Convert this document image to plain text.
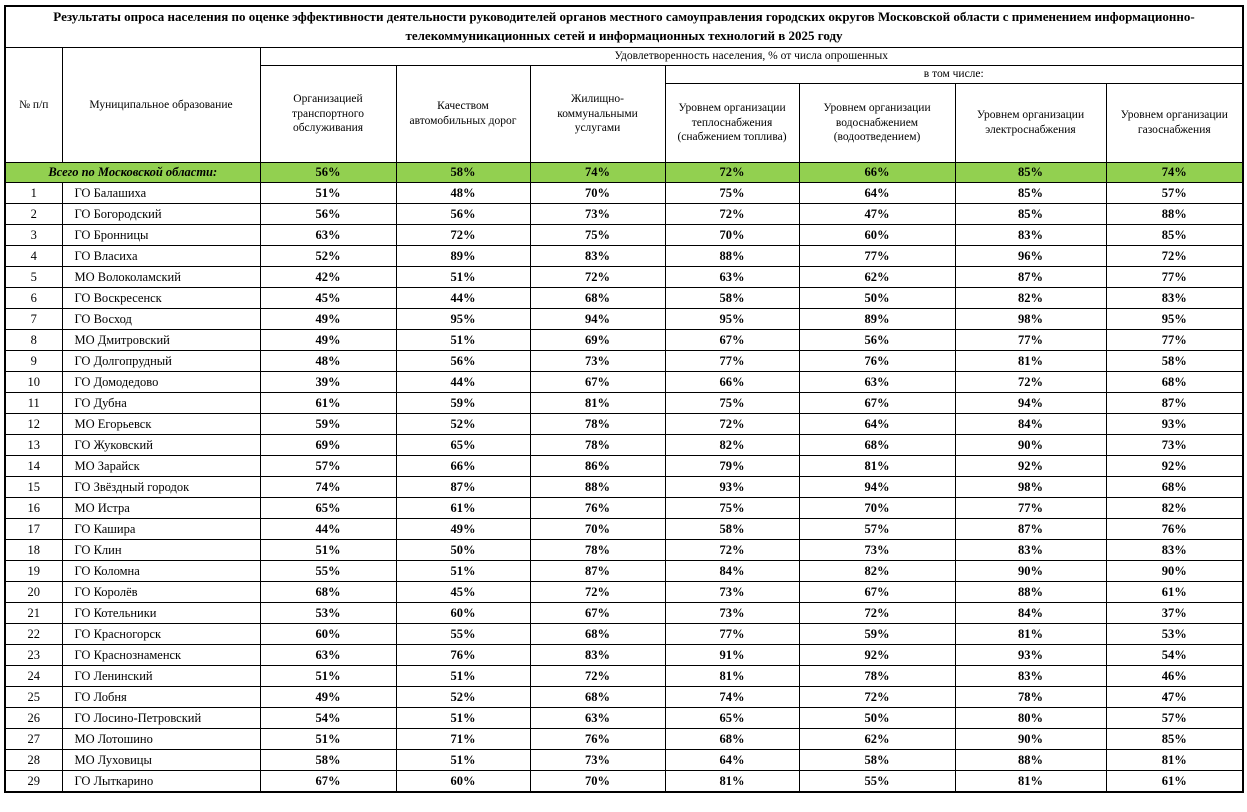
Результаты опроса населения по оценке эффективности деятельности руководителей органов местного самоуправления городских округов Московской области с применением информационно-телекоммуникационных сетей и информационных технологий в 2025 году								
№ п/п	Муниципальное образование	Удовлетворенность населения, % от числа опрошенных						
		Организацией транспортного обслуживания	Качеством автомобильных дорог	Жилищно-коммунальными услугами	в том числе:			
					Уровнем организации теплоснабжения (снабжением топлива)	Уровнем организации водоснабжением (водоотведением)	Уровнем организации электроснабжения	Уровнем организации газоснабжения
Всего по Московской области:		56%	58%	74%	72%	66%	85%	74%
1	ГО Балашиха	51%	48%	70%	75%	64%	85%	57%
2	ГО Богородский	56%	56%	73%	72%	47%	85%	88%
3	ГО Бронницы	63%	72%	75%	70%	60%	83%	85%
4	ГО Власиха	52%	89%	83%	88%	77%	96%	72%
5	МО Волоколамский	42%	51%	72%	63%	62%	87%	77%
6	ГО Воскресенск	45%	44%	68%	58%	50%	82%	83%
7	ГО Восход	49%	95%	94%	95%	89%	98%	95%
8	МО Дмитровский	49%	51%	69%	67%	56%	77%	77%
9	ГО Долгопрудный	48%	56%	73%	77%	76%	81%	58%
10	ГО Домодедово	39%	44%	67%	66%	63%	72%	68%
11	ГО Дубна	61%	59%	81%	75%	67%	94%	87%
12	МО Егорьевск	59%	52%	78%	72%	64%	84%	93%
13	ГО Жуковский	69%	65%	78%	82%	68%	90%	73%
14	МО Зарайск	57%	66%	86%	79%	81%	92%	92%
15	ГО Звёздный городок	74%	87%	88%	93%	94%	98%	68%
16	МО Истра	65%	61%	76%	75%	70%	77%	82%
17	ГО Кашира	44%	49%	70%	58%	57%	87%	76%
18	ГО Клин	51%	50%	78%	72%	73%	83%	83%
19	ГО Коломна	55%	51%	87%	84%	82%	90%	90%
20	ГО Королёв	68%	45%	72%	73%	67%	88%	61%
21	ГО Котельники	53%	60%	67%	73%	72%	84%	37%
22	ГО Красногорск	60%	55%	68%	77%	59%	81%	53%
23	ГО Краснознаменск	63%	76%	83%	91%	92%	93%	54%
24	ГО Ленинский	51%	51%	72%	81%	78%	83%	46%
25	ГО Лобня	49%	52%	68%	74%	72%	78%	47%
26	ГО Лосино-Петровский	54%	51%	63%	65%	50%	80%	57%
27	МО Лотошино	51%	71%	76%	68%	62%	90%	85%
28	МО Луховицы	58%	51%	73%	64%	58%	88%	81%
29	ГО Лыткарино	67%	60%	70%	81%	55%	81%	61%
